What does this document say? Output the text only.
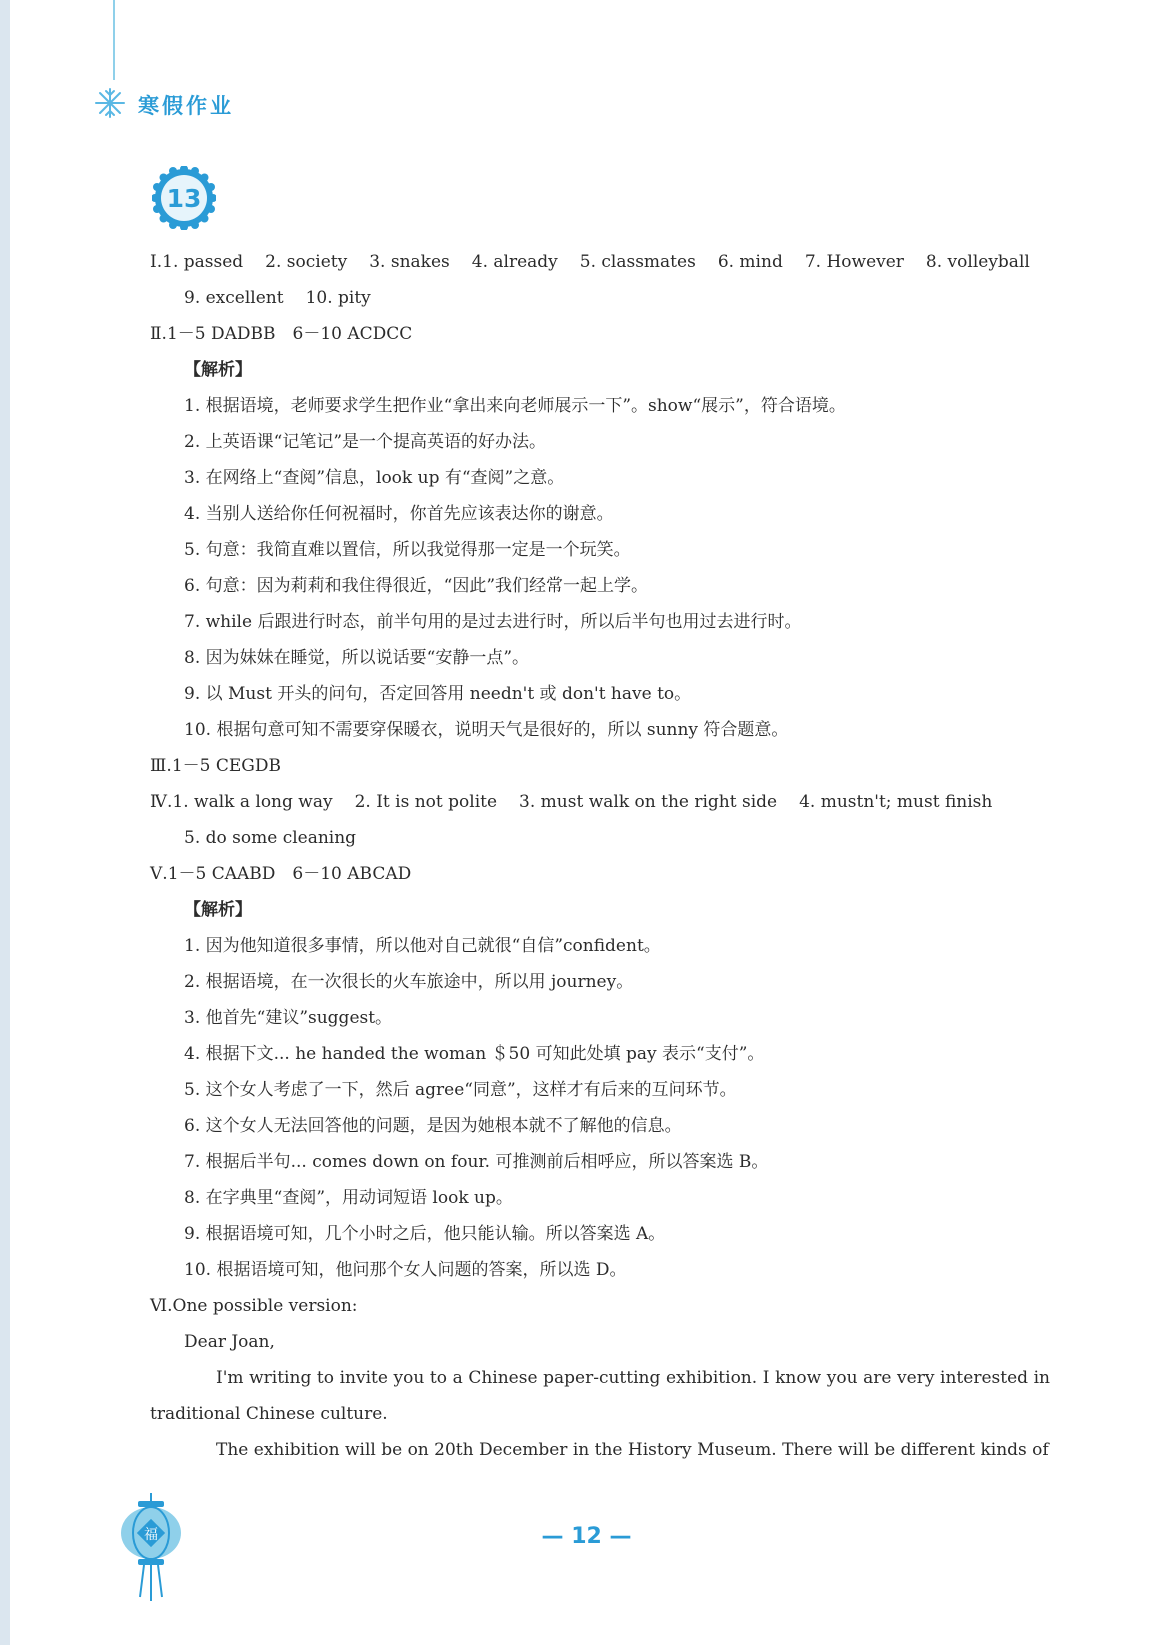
寒假作业
13
Ⅰ.1. passed 2. society 3. snakes 4. already 5. classmates 6. mind 7. However 8. volleyball
9. excellent 10. pity
Ⅱ.1－5 DADBB　6－10 ACDCC
【解析】
1. 根据语境，老师要求学生把作业“拿出来向老师展示一下”。show“展示”，符合语境。
2. 上英语课“记笔记”是一个提高英语的好办法。
3. 在网络上“查阅”信息，look up 有“查阅”之意。
4. 当别人送给你任何祝福时，你首先应该表达你的谢意。
5. 句意：我简直难以置信，所以我觉得那一定是一个玩笑。
6. 句意：因为莉莉和我住得很近，“因此”我们经常一起上学。
7. while 后跟进行时态，前半句用的是过去进行时，所以后半句也用过去进行时。
8. 因为妹妹在睡觉，所以说话要“安静一点”。
9. 以 Must 开头的问句，否定回答用 needn't 或 don't have to。
10. 根据句意可知不需要穿保暖衣，说明天气是很好的，所以 sunny 符合题意。
Ⅲ.1－5 CEGDB
Ⅳ.1. walk a long way 2. It is not polite 3. must walk on the right side 4. mustn't; must finish
5. do some cleaning
Ⅴ.1－5 CAABD　6－10 ABCAD
【解析】
1. 因为他知道很多事情，所以他对自己就很“自信”confident。
2. 根据语境，在一次很长的火车旅途中，所以用 journey。
3. 他首先“建议”suggest。
4. 根据下文... he handed the woman ＄50 可知此处填 pay 表示“支付”。
5. 这个女人考虑了一下，然后 agree“同意”，这样才有后来的互问环节。
6. 这个女人无法回答他的问题，是因为她根本就不了解他的信息。
7. 根据后半句... comes down on four. 可推测前后相呼应，所以答案选 B。
8. 在字典里“查阅”，用动词短语 look up。
9. 根据语境可知，几个小时之后，他只能认输。所以答案选 A。
10. 根据语境可知，他问那个女人问题的答案，所以选 D。
Ⅵ.One possible version:
Dear Joan,
I'm writing to invite you to a Chinese paper-cutting exhibition. I know you are very interested in traditional Chinese culture.
The exhibition will be on 20th December in the History Museum. There will be different kinds of
福	— 12 —
